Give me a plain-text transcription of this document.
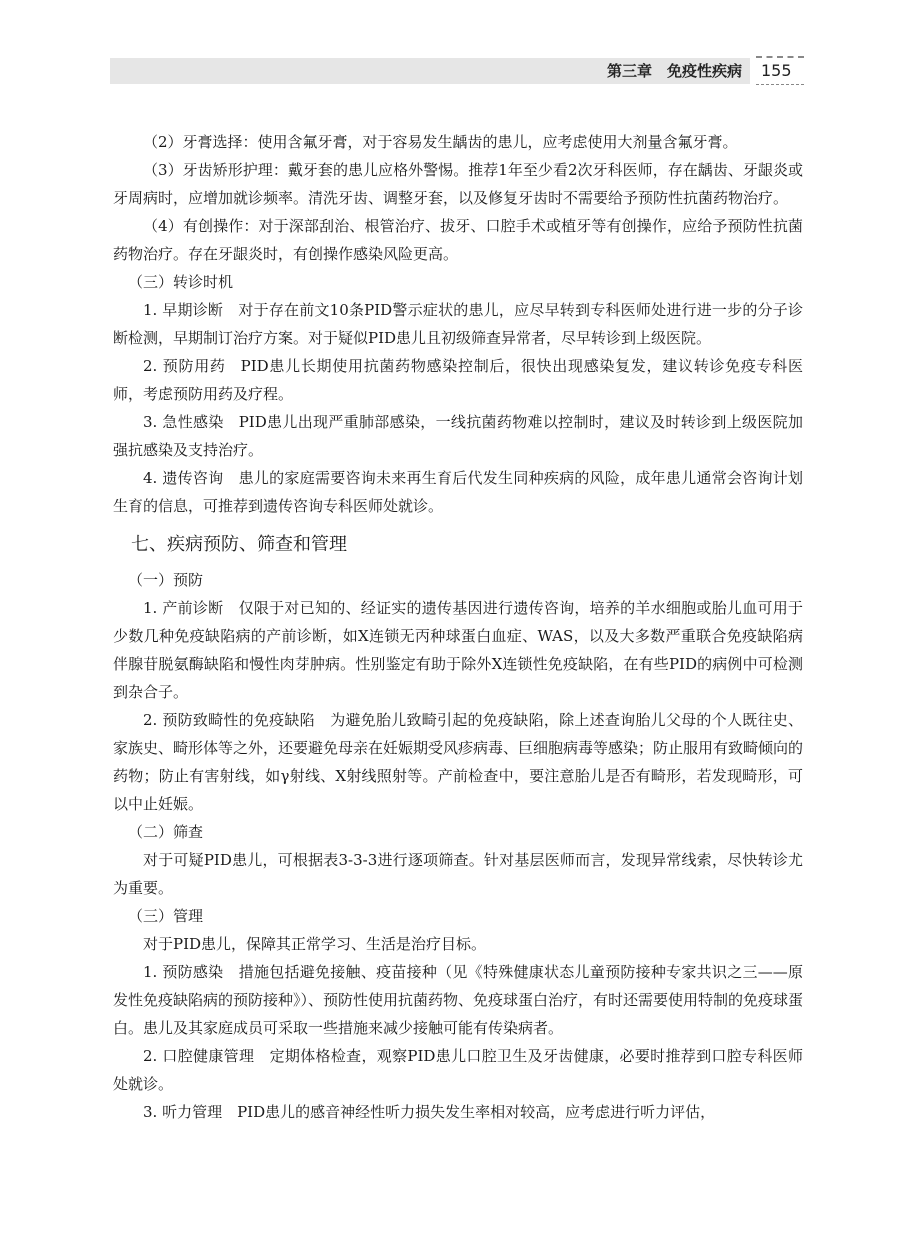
第三章　免疫性疾病 155

（2）牙膏选择：使用含氟牙膏，对于容易发生龋齿的患儿，应考虑使用大剂量含氟牙膏。

（3）牙齿矫形护理：戴牙套的患儿应格外警惕。推荐1年至少看2次牙科医师，存在龋齿、牙龈炎或牙周病时，应增加就诊频率。清洗牙齿、调整牙套，以及修复牙齿时不需要给予预防性抗菌药物治疗。

（4）有创操作：对于深部刮治、根管治疗、拔牙、口腔手术或植牙等有创操作，应给予预防性抗菌药物治疗。存在牙龈炎时，有创操作感染风险更高。

（三）转诊时机

1. 早期诊断 对于存在前文10条PID警示症状的患儿，应尽早转到专科医师处进行进一步的分子诊断检测，早期制订治疗方案。对于疑似PID患儿且初级筛查异常者，尽早转诊到上级医院。

2. 预防用药 PID患儿长期使用抗菌药物感染控制后，很快出现感染复发，建议转诊免疫专科医师，考虑预防用药及疗程。

3. 急性感染 PID患儿出现严重肺部感染，一线抗菌药物难以控制时，建议及时转诊到上级医院加强抗感染及支持治疗。

4. 遗传咨询 患儿的家庭需要咨询未来再生育后代发生同种疾病的风险，成年患儿通常会咨询计划生育的信息，可推荐到遗传咨询专科医师处就诊。

七、疾病预防、筛查和管理
（一）预防

1. 产前诊断 仅限于对已知的、经证实的遗传基因进行遗传咨询，培养的羊水细胞或胎儿血可用于少数几种免疫缺陷病的产前诊断，如X连锁无丙种球蛋白血症、WAS，以及大多数严重联合免疫缺陷病伴腺苷脱氨酶缺陷和慢性肉芽肿病。性别鉴定有助于除外X连锁性免疫缺陷，在有些PID的病例中可检测到杂合子。

2. 预防致畸性的免疫缺陷 为避免胎儿致畸引起的免疫缺陷，除上述查询胎儿父母的个人既往史、家族史、畸形体等之外，还要避免母亲在妊娠期受风疹病毒、巨细胞病毒等感染；防止服用有致畸倾向的药物；防止有害射线，如γ射线、X射线照射等。产前检查中，要注意胎儿是否有畸形，若发现畸形，可以中止妊娠。

（二）筛查

对于可疑PID患儿，可根据表3-3-3进行逐项筛查。针对基层医师而言，发现异常线索，尽快转诊尤为重要。

（三）管理

对于PID患儿，保障其正常学习、生活是治疗目标。

1. 预防感染 措施包括避免接触、疫苗接种（见《特殊健康状态儿童预防接种专家共识之三——原发性免疫缺陷病的预防接种》）、预防性使用抗菌药物、免疫球蛋白治疗，有时还需要使用特制的免疫球蛋白。患儿及其家庭成员可采取一些措施来减少接触可能有传染病者。

2. 口腔健康管理 定期体格检查，观察PID患儿口腔卫生及牙齿健康，必要时推荐到口腔专科医师处就诊。

3. 听力管理 PID患儿的感音神经性听力损失发生率相对较高，应考虑进行听力评估，
